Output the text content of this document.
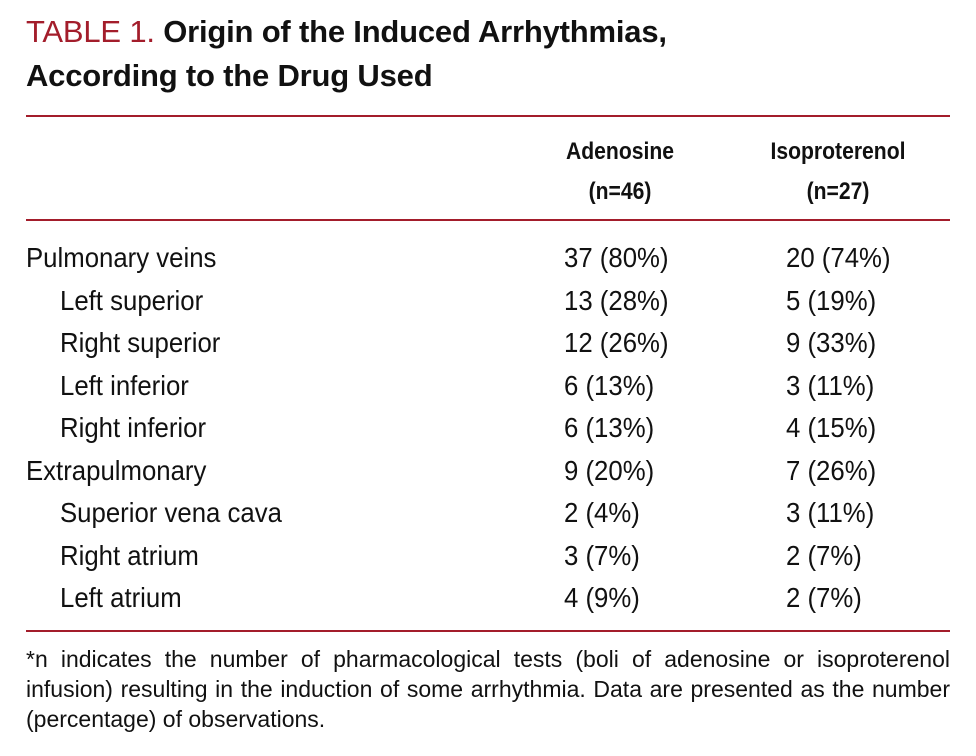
TABLE 1. Origin of the Induced Arrhythmias,
According to the Drug Used
Adenosine
(n=46)
Isoproterenol
(n=27)
Pulmonary veins	37 (80%)	20 (74%)
Left superior	13 (28%)	5 (19%)
Right superior	12 (26%)	9 (33%)
Left inferior	6 (13%)	3 (11%)
Right inferior	6 (13%)	4 (15%)
Extrapulmonary	9 (20%)	7 (26%)
Superior vena cava	2 (4%)	3 (11%)
Right atrium	3 (7%)	2 (7%)
Left atrium	4 (9%)	2 (7%)
*n indicates the number of pharmacological tests (boli of adenosine or isoproterenol infusion) resulting in the induction of some arrhythmia. Data are presented as the number (percentage) of observations.
